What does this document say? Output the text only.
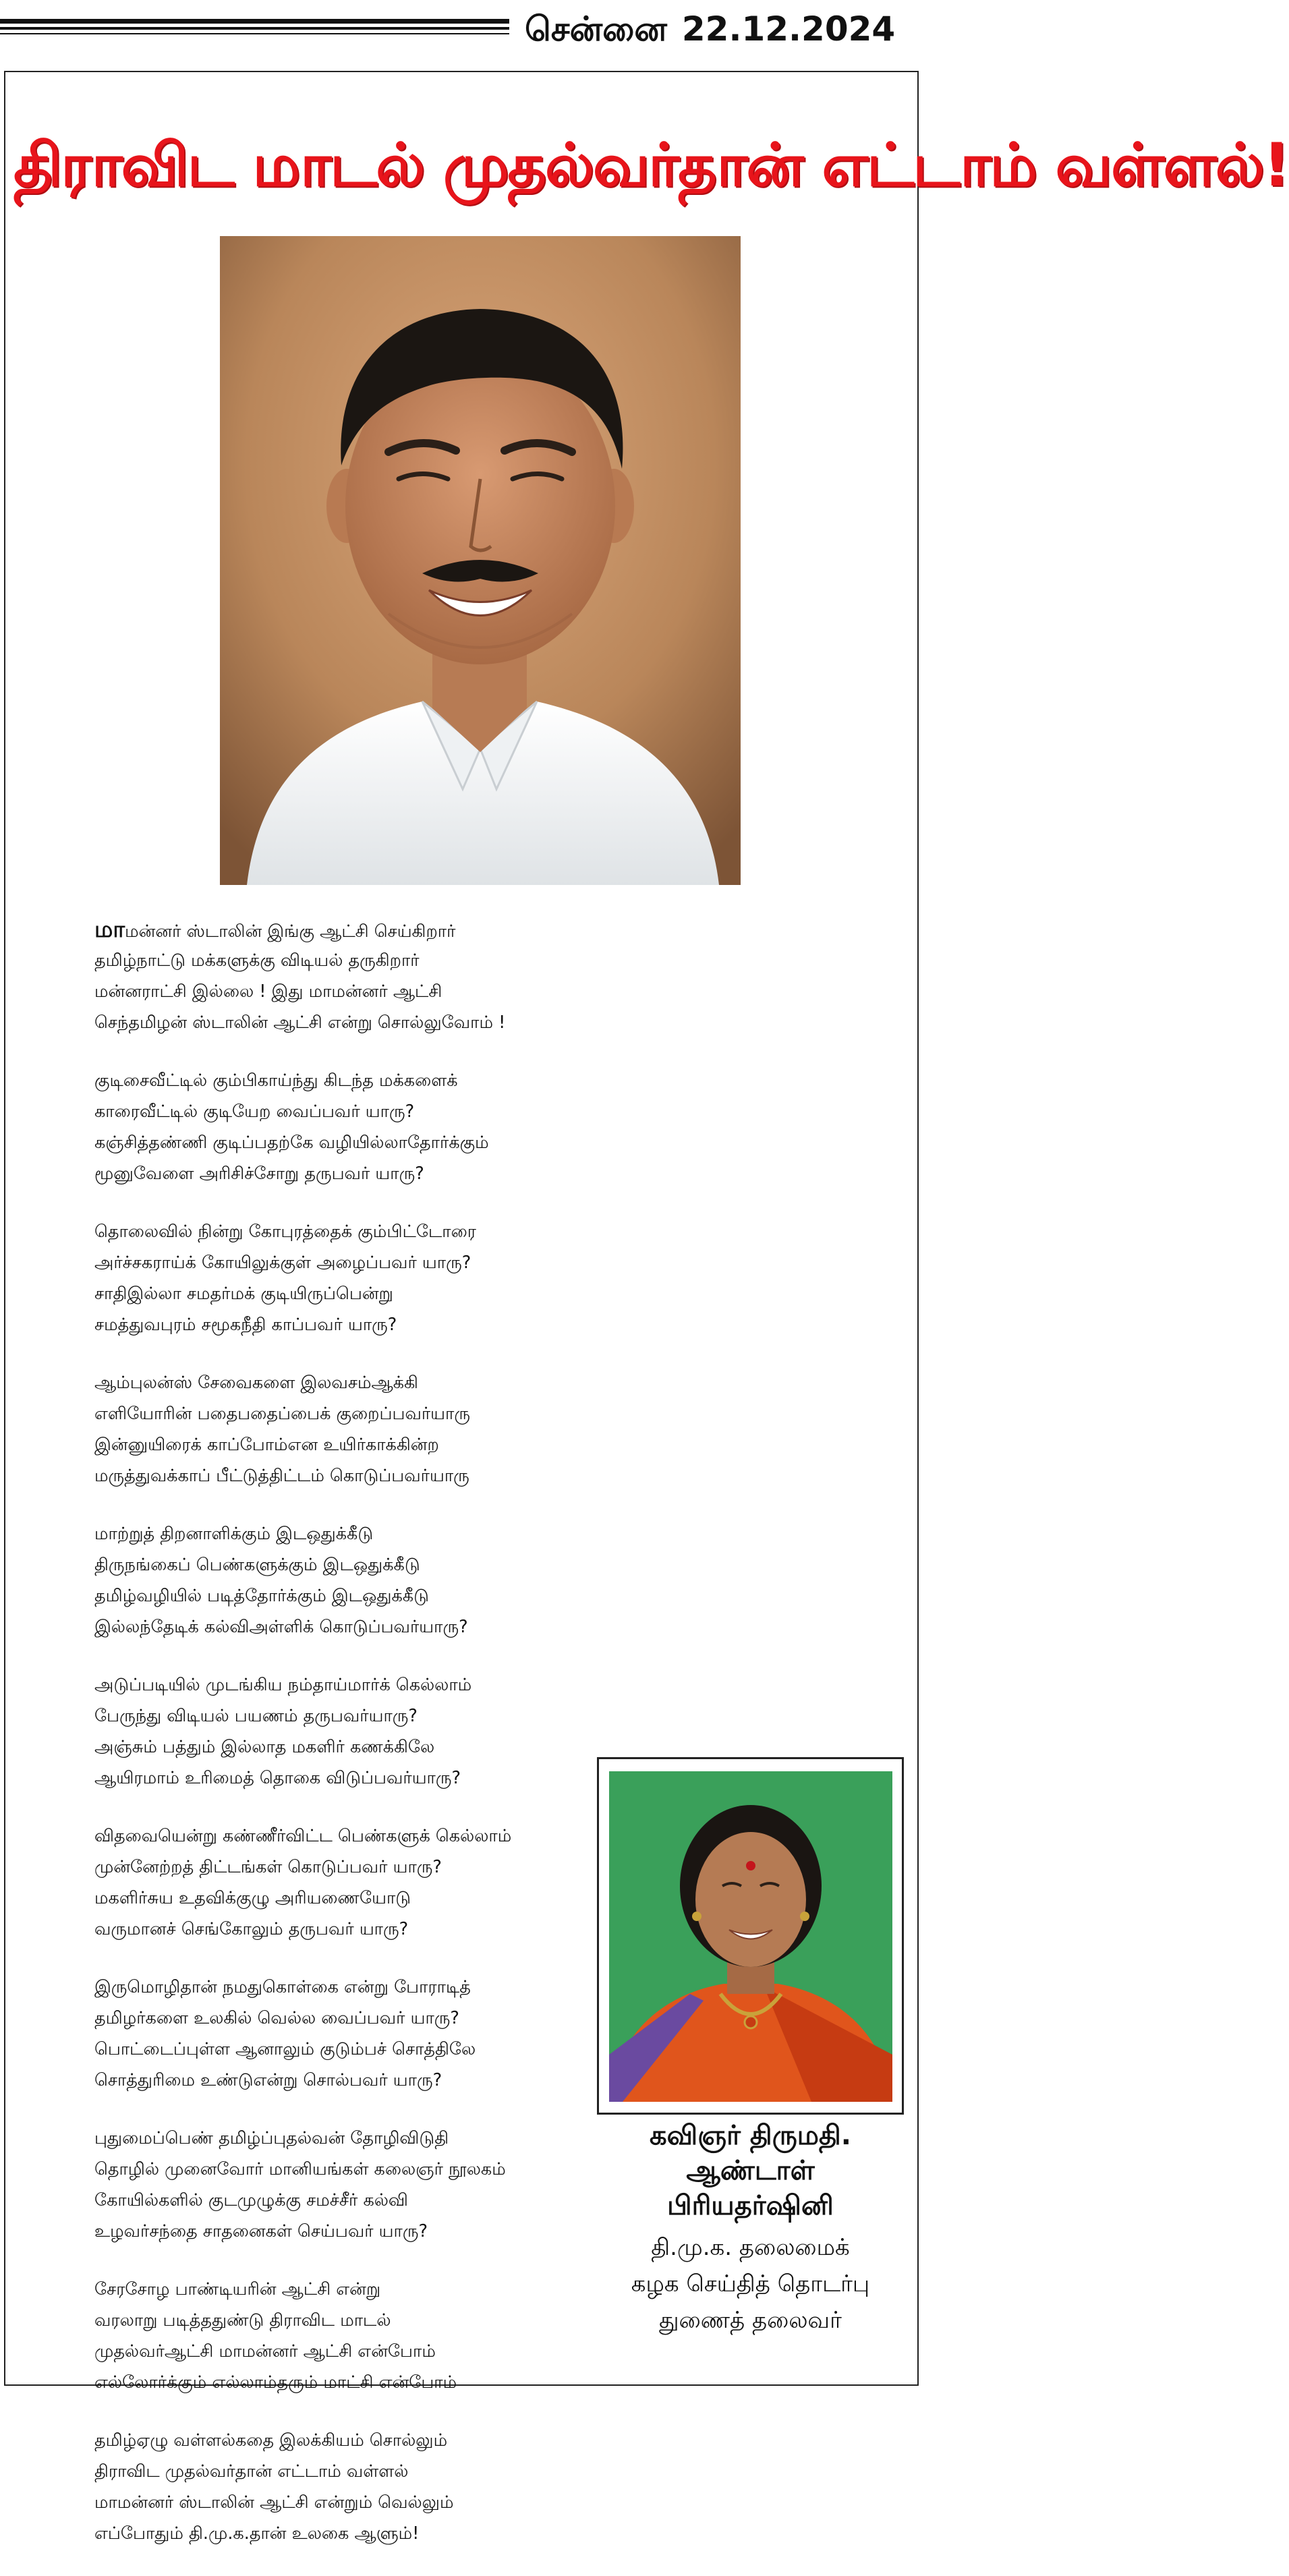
சென்னை 22.12.2024
திராவிட மாடல் முதல்வர்தான் எட்டாம் வள்ளல்!
மாமன்னர் ஸ்டாலின் இங்கு ஆட்சி செய்கிறார்
தமிழ்நாட்டு மக்களுக்கு விடியல் தருகிறார்
மன்னராட்சி இல்லை ! இது மாமன்னர் ஆட்சி
செந்தமிழன் ஸ்டாலின் ஆட்சி என்று சொல்லுவோம் !
குடிசைவீட்டில் கும்பிகாய்ந்து கிடந்த மக்களைக்
காரைவீட்டில் குடியேற வைப்பவர் யாரு?
கஞ்சித்தண்ணி குடிப்பதற்கே வழியில்லாதோர்க்கும்
மூனுவேளை அரிசிச்சோறு தருபவர் யாரு?
தொலைவில் நின்று கோபுரத்தைக் கும்பிட்டோரை
அர்ச்சகராய்க் கோயிலுக்குள் அழைப்பவர் யாரு?
சாதிஇல்லா சமதர்மக் குடியிருப்பென்று
சமத்துவபுரம் சமூகநீதி காப்பவர் யாரு?
ஆம்புலன்ஸ் சேவைகளை இலவசம்ஆக்கி
எளியோரின் பதைபதைப்பைக் குறைப்பவர்யாரு
இன்னுயிரைக் காப்போம்என உயிர்காக்கின்ற
மருத்துவக்காப் பீட்டுத்திட்டம் கொடுப்பவர்யாரு
மாற்றுத் திறனாளிக்கும் இடஒதுக்கீடு
திருநங்கைப் பெண்களுக்கும் இடஒதுக்கீடு
தமிழ்வழியில் படித்தோர்க்கும் இடஒதுக்கீடு
இல்லந்தேடிக் கல்விஅள்ளிக் கொடுப்பவர்யாரு?
அடுப்படியில் முடங்கிய நம்தாய்மார்க் கெல்லாம்
பேருந்து விடியல் பயணம் தருபவர்யாரு?
அஞ்சும் பத்தும் இல்லாத மகளிர் கணக்கிலே
ஆயிரமாம் உரிமைத் தொகை விடுப்பவர்யாரு?
விதவையென்று கண்ணீர்விட்ட பெண்களுக் கெல்லாம்
முன்னேற்றத் திட்டங்கள் கொடுப்பவர் யாரு?
மகளிர்சுய உதவிக்குழு அரியணையோடு
வருமானச் செங்கோலும் தருபவர் யாரு?
இருமொழிதான் நமதுகொள்கை என்று போராடித்
தமிழர்களை உலகில் வெல்ல வைப்பவர் யாரு?
பொட்டைப்புள்ள ஆனாலும் குடும்பச் சொத்திலே
சொத்துரிமை உண்டுஎன்று சொல்பவர் யாரு?
புதுமைப்பெண் தமிழ்ப்புதல்வன் தோழிவிடுதி
தொழில் முனைவோர் மானியங்கள் கலைஞர் நூலகம்
கோயில்களில் குடமுழுக்கு சமச்சீர் கல்வி
உழவர்சந்தை சாதனைகள் செய்பவர் யாரு?
சேரசோழ பாண்டியரின் ஆட்சி என்று
வரலாறு படித்ததுண்டு திராவிட மாடல்
முதல்வர்ஆட்சி மாமன்னர் ஆட்சி என்போம்
எல்லோர்க்கும் எல்லாம்தரும் மாட்சி என்போம்
தமிழ்ஏழு வள்ளல்கதை இலக்கியம் சொல்லும்
திராவிட முதல்வர்தான் எட்டாம் வள்ளல்
மாமன்னர் ஸ்டாலின் ஆட்சி என்றும் வெல்லும்
எப்போதும் தி.மு.க.தான் உலகை ஆளும்!
கவிஞர் திருமதி.
ஆண்டாள்
பிரியதர்ஷினி
தி.மு.க. தலைமைக்
கழக செய்தித் தொடர்பு
துணைத் தலைவர்
